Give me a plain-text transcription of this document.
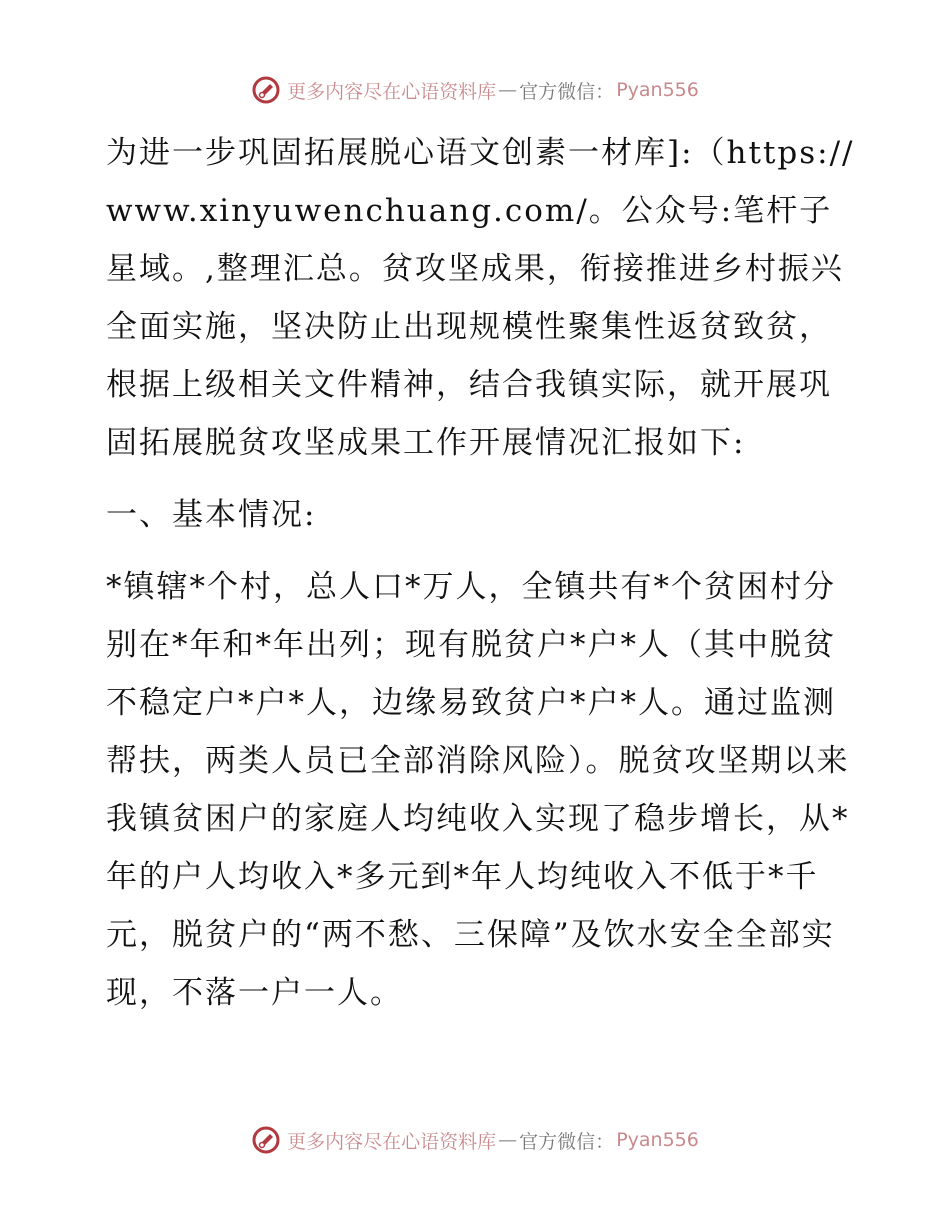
更多内容尽在心语资料库 — 官方微信： Pyan556

为进一步巩固拓展脱心语文创素一材库]:（https://www.xinyuwenchuang.com/。公众号:笔杆子星域。,整理汇总。贫攻坚成果，衔接推进乡村振兴全面实施，坚决防止出现规模性聚集性返贫致贫，根据上级相关文件精神，结合我镇实际，就开展巩固拓展脱贫攻坚成果工作开展情况汇报如下:

一、基本情况:

*镇辖*个村，总人口*万人，全镇共有*个贫困村分别在*年和*年出列；现有脱贫户*户*人（其中脱贫不稳定户*户*人，边缘易致贫户*户*人。通过监测帮扶，两类人员已全部消除风险）。脱贫攻坚期以来我镇贫困户的家庭人均纯收入实现了稳步增长，从*年的户人均收入*多元到*年人均纯收入不低于*千元，脱贫户的“两不愁、三保障”及饮水安全全部实现，不落一户一人。

更多内容尽在心语资料库 — 官方微信： Pyan556
